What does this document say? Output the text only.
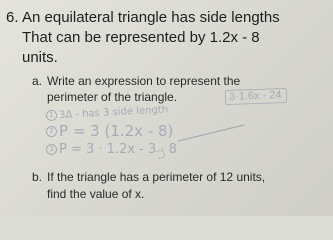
6. An equilateral triangle has side lengths
That can be represented by 1.2x - 8
units.
a. Write an expression to represent the
perimeter of the triangle.	3·1.6x - 24
1 3Δ - has 3 side length
2 P = 3 (1.2x - 8)
3 P = 3 · 1.2x - 3 · 8
b. If the triangle has a perimeter of 12 units,
find the value of x.
